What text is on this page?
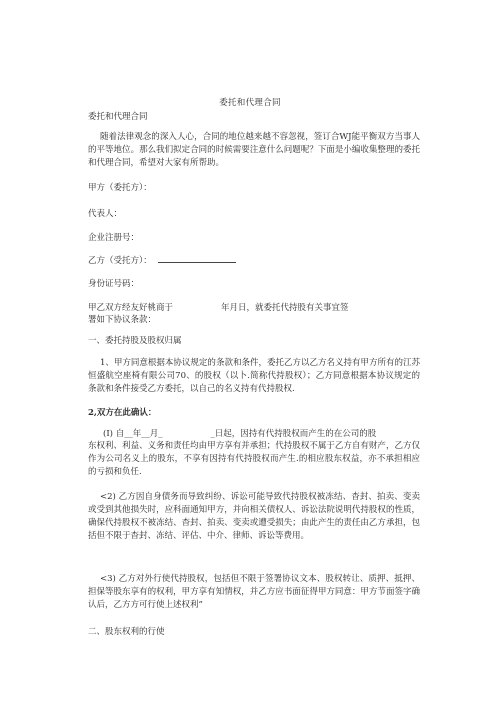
委托和代理合同
委托和代理合同
随着法律观念的深入人心，合同的地位越来越不容忽视，签订合WJ能平衡双方当事人的平等地位。那么我们拟定合同的时候需要注意什么问题呢？下面是小编收集整理的委托和代理合同，希望对大家有所帮助。
甲方（委托方）：
代表人：
企业注册号：
乙方（受托方）：
身份证号码：
甲乙双方经友好桃商于	年月日，就委托代持股有关事宜签
署如下协议条款：
一、委托持股及股权归属
1、甲方同意根据本协议规定的条款和条件，委托乙方以乙方名义持有甲方所有的江苏恒盛航空座椅有限公司70、的股权（以卜.简称代持股权）；乙方同意根据本协议规定的条款和条件接受乙方委托，以自己的名义持有代持股权.
2,双方在此确认：
(I) 自__年__月_	_日起，因持有代持股权而产生的在公司的股
东权利、利益、义务和责任均由甲方享有并承担；代持股权不属于乙方自有财产，乙方仅作为公司名义上的股东，不享有因持有代持股权而产生.的相应股东权益，亦不承担相应的亏损和负任.
<2) 乙方因自身债务而导致纠纷、诉讼可能导致代持股权被冻结、杳封、拍卖、变卖或受到其他损失时，应科面通知甲方，并向相关债权人、诉讼法院说明代持股权的性质，确保代持股权不被冻结、杳封、拍卖、变卖或遭受损失；由此产生的责任由乙方承担，包括但不限于杳封、冻结、评估、中介、律师、诉讼等费用。
<3) 乙方对外行使代持股权，包括但不限于签署协议文本、股权转让、质押、抵押、担保等股东享有的权利，甲方享有知情权，并乙方应书面征得甲方同意：甲方节面签字确认后，乙方方可行使上述权利”
二、股东权利的行使
